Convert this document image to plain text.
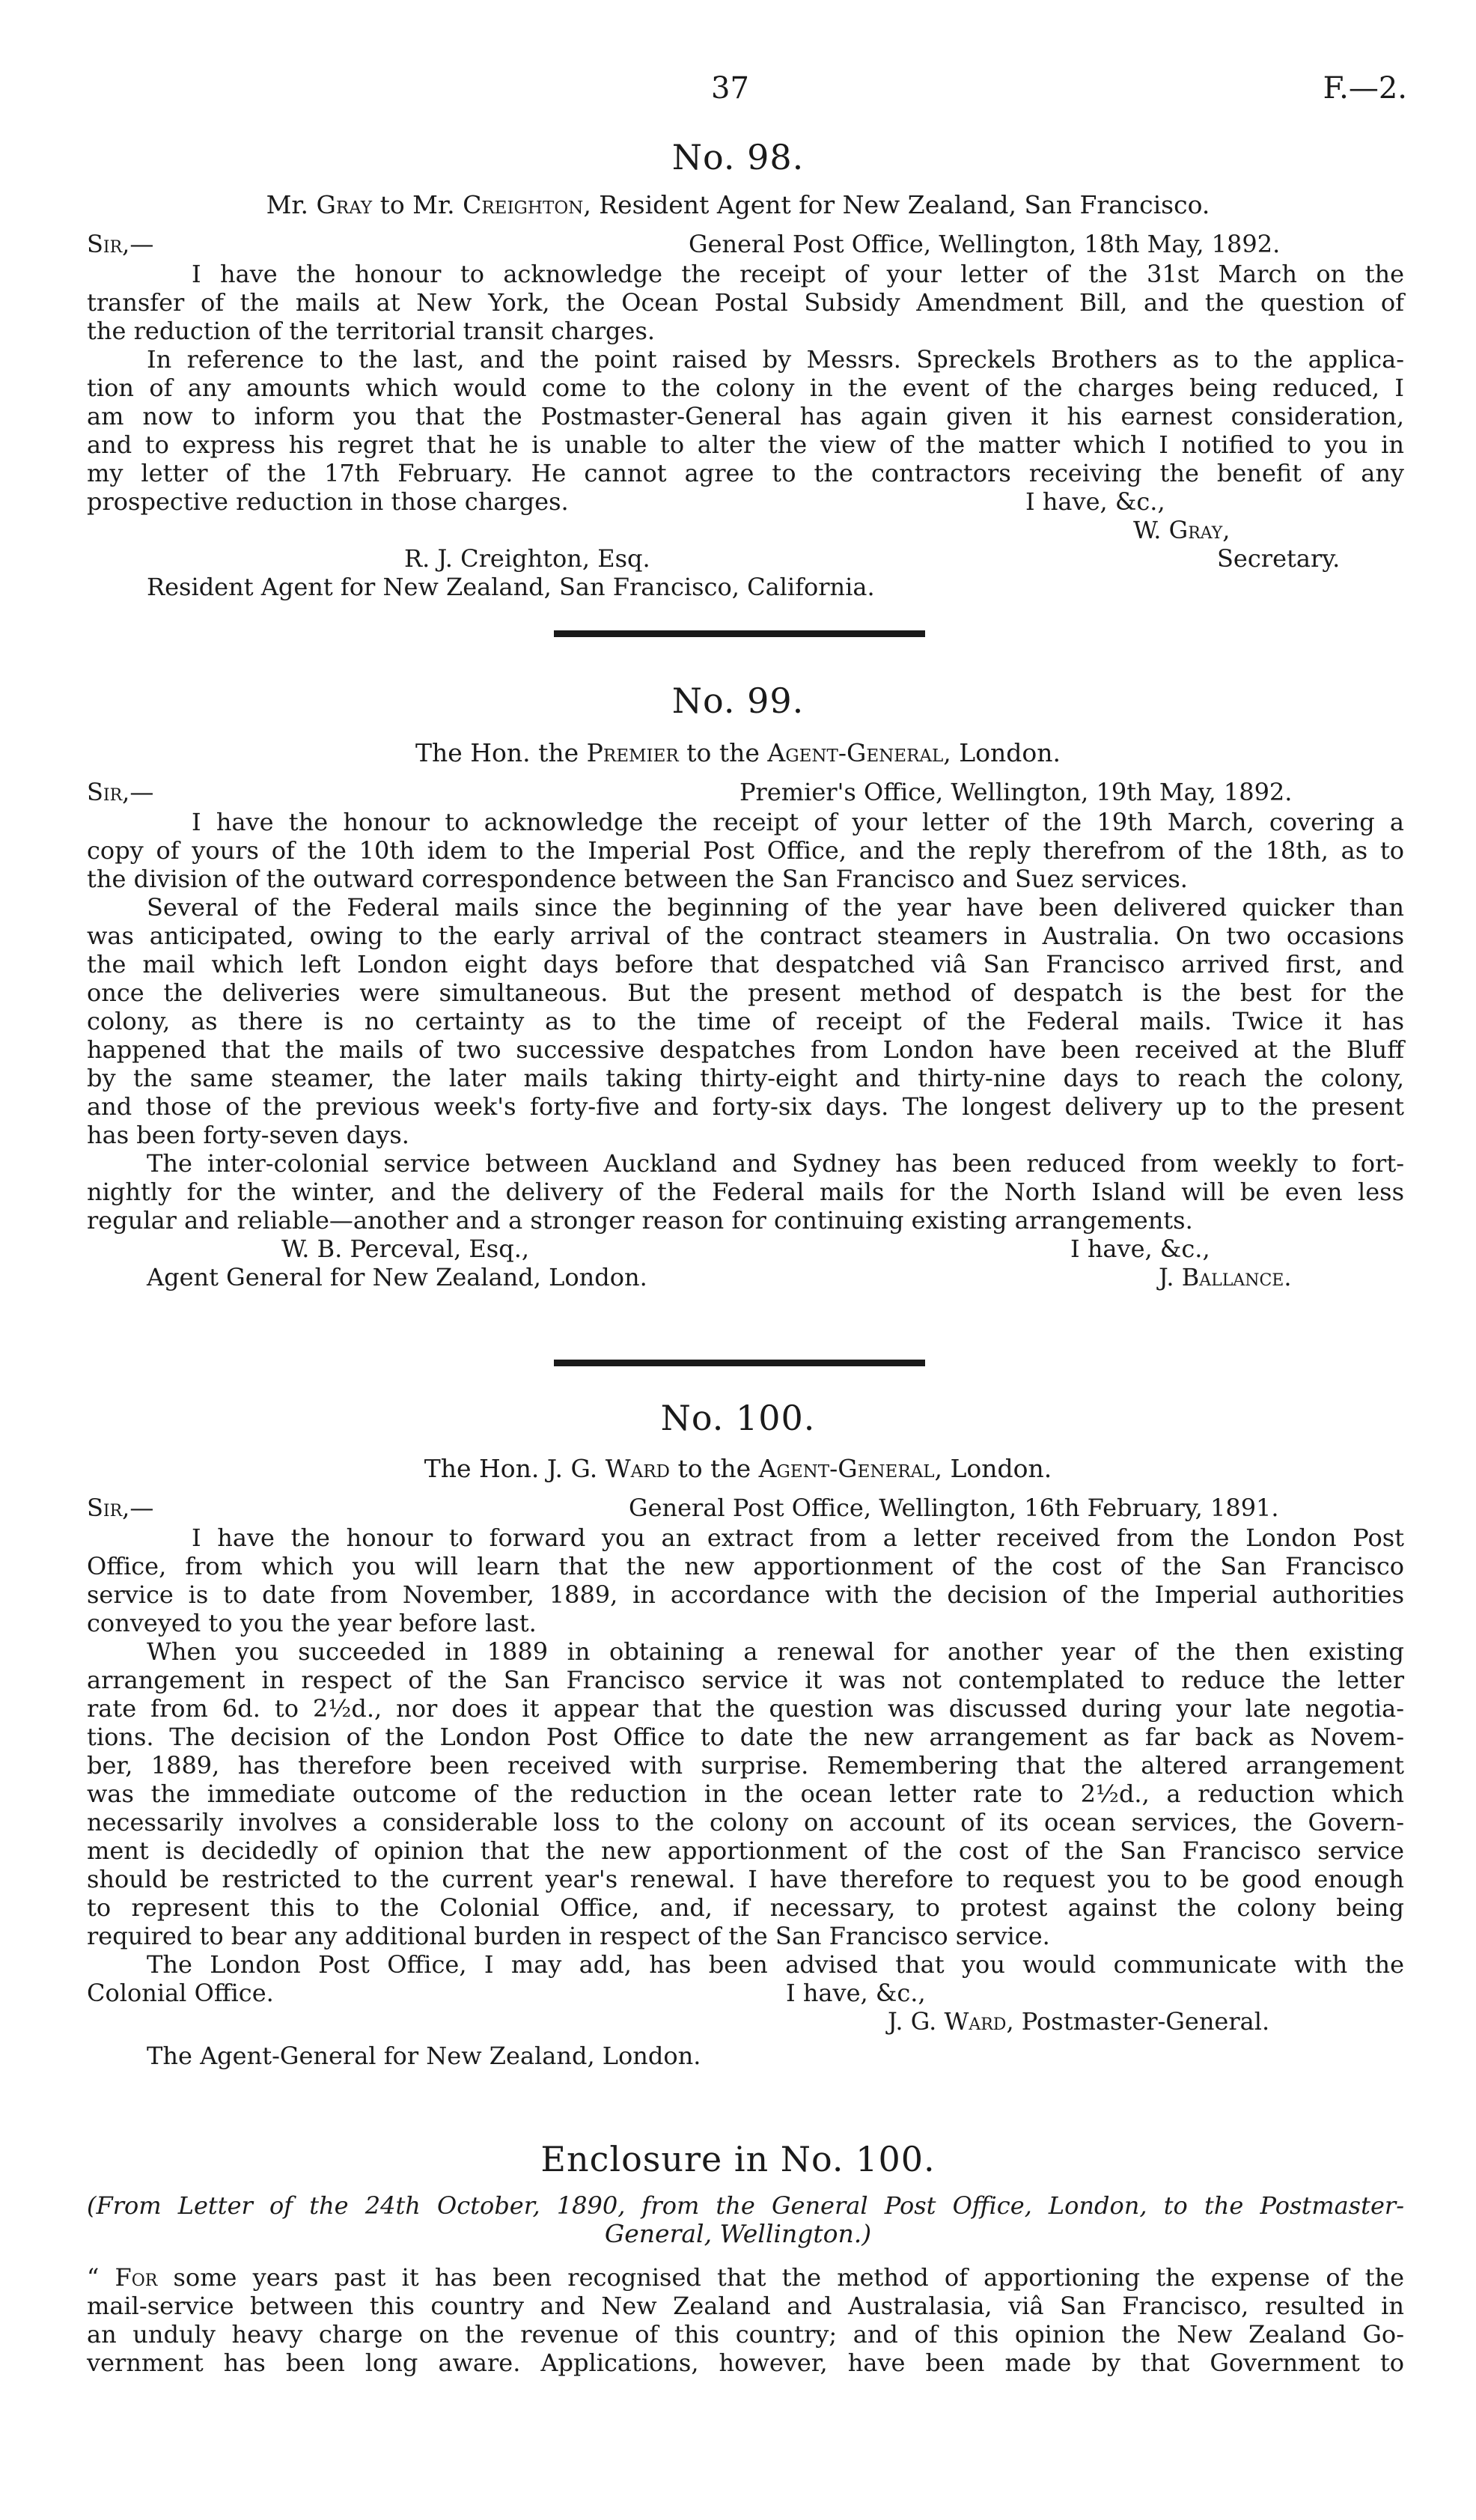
37	F.—2.
No. 98.
Mr. Gray to Mr. Creighton, Resident Agent for New Zealand, San Francisco.
Sir,—	General Post Office, Wellington, 18th May, 1892.
I have the honour to acknowledge the receipt of your letter of the 31st March on the
transfer of the mails at New York, the Ocean Postal Subsidy Amendment Bill, and the question of
the reduction of the territorial transit charges.
In reference to the last, and the point raised by Messrs. Spreckels Brothers as to the applica-
tion of any amounts which would come to the colony in the event of the charges being reduced, I
am now to inform you that the Postmaster-General has again given it his earnest consideration,
and to express his regret that he is unable to alter the view of the matter which I notified to you in
my letter of the 17th February. He cannot agree to the contractors receiving the benefit of any
prospective reduction in those charges.	I have, &c.,
W. Gray,
R. J. Creighton, Esq.	Secretary.
Resident Agent for New Zealand, San Francisco, California.
No. 99.
The Hon. the Premier to the Agent-General, London.
Sir,—	Premier's Office, Wellington, 19th May, 1892.
I have the honour to acknowledge the receipt of your letter of the 19th March, covering a
copy of yours of the 10th idem to the Imperial Post Office, and the reply therefrom of the 18th, as to
the division of the outward correspondence between the San Francisco and Suez services.
Several of the Federal mails since the beginning of the year have been delivered quicker than
was anticipated, owing to the early arrival of the contract steamers in Australia. On two occasions
the mail which left London eight days before that despatched viâ San Francisco arrived first, and
once the deliveries were simultaneous. But the present method of despatch is the best for the
colony, as there is no certainty as to the time of receipt of the Federal mails. Twice it has
happened that the mails of two successive despatches from London have been received at the Bluff
by the same steamer, the later mails taking thirty-eight and thirty-nine days to reach the colony,
and those of the previous week's forty-five and forty-six days. The longest delivery up to the present
has been forty-seven days.
The inter-colonial service between Auckland and Sydney has been reduced from weekly to fort-
nightly for the winter, and the delivery of the Federal mails for the North Island will be even less
regular and reliable—another and a stronger reason for continuing existing arrangements.
W. B. Perceval, Esq.,	I have, &c.,
Agent General for New Zealand, London.	J. Ballance.
No. 100.
The Hon. J. G. Ward to the Agent-General, London.
Sir,—	General Post Office, Wellington, 16th February, 1891.
I have the honour to forward you an extract from a letter received from the London Post
Office, from which you will learn that the new apportionment of the cost of the San Francisco
service is to date from November, 1889, in accordance with the decision of the Imperial authorities
conveyed to you the year before last.
When you succeeded in 1889 in obtaining a renewal for another year of the then existing
arrangement in respect of the San Francisco service it was not contemplated to reduce the letter
rate from 6d. to 2½d., nor does it appear that the question was discussed during your late negotia-
tions. The decision of the London Post Office to date the new arrangement as far back as Novem-
ber, 1889, has therefore been received with surprise. Remembering that the altered arrangement
was the immediate outcome of the reduction in the ocean letter rate to 2½d., a reduction which
necessarily involves a considerable loss to the colony on account of its ocean services, the Govern-
ment is decidedly of opinion that the new apportionment of the cost of the San Francisco service
should be restricted to the current year's renewal. I have therefore to request you to be good enough
to represent this to the Colonial Office, and, if necessary, to protest against the colony being
required to bear any additional burden in respect of the San Francisco service.
The London Post Office, I may add, has been advised that you would communicate with the
Colonial Office.	I have, &c.,
J. G. Ward, Postmaster-General.
The Agent-General for New Zealand, London.
Enclosure in No. 100.
(From Letter of the 24th October, 1890, from the General Post Office, London, to the Postmaster-
General, Wellington.)
“ For some years past it has been recognised that the method of apportioning the expense of the
mail-service between this country and New Zealand and Australasia, viâ San Francisco, resulted in
an unduly heavy charge on the revenue of this country; and of this opinion the New Zealand Go-
vernment has been long aware. Applications, however, have been made by that Government to
